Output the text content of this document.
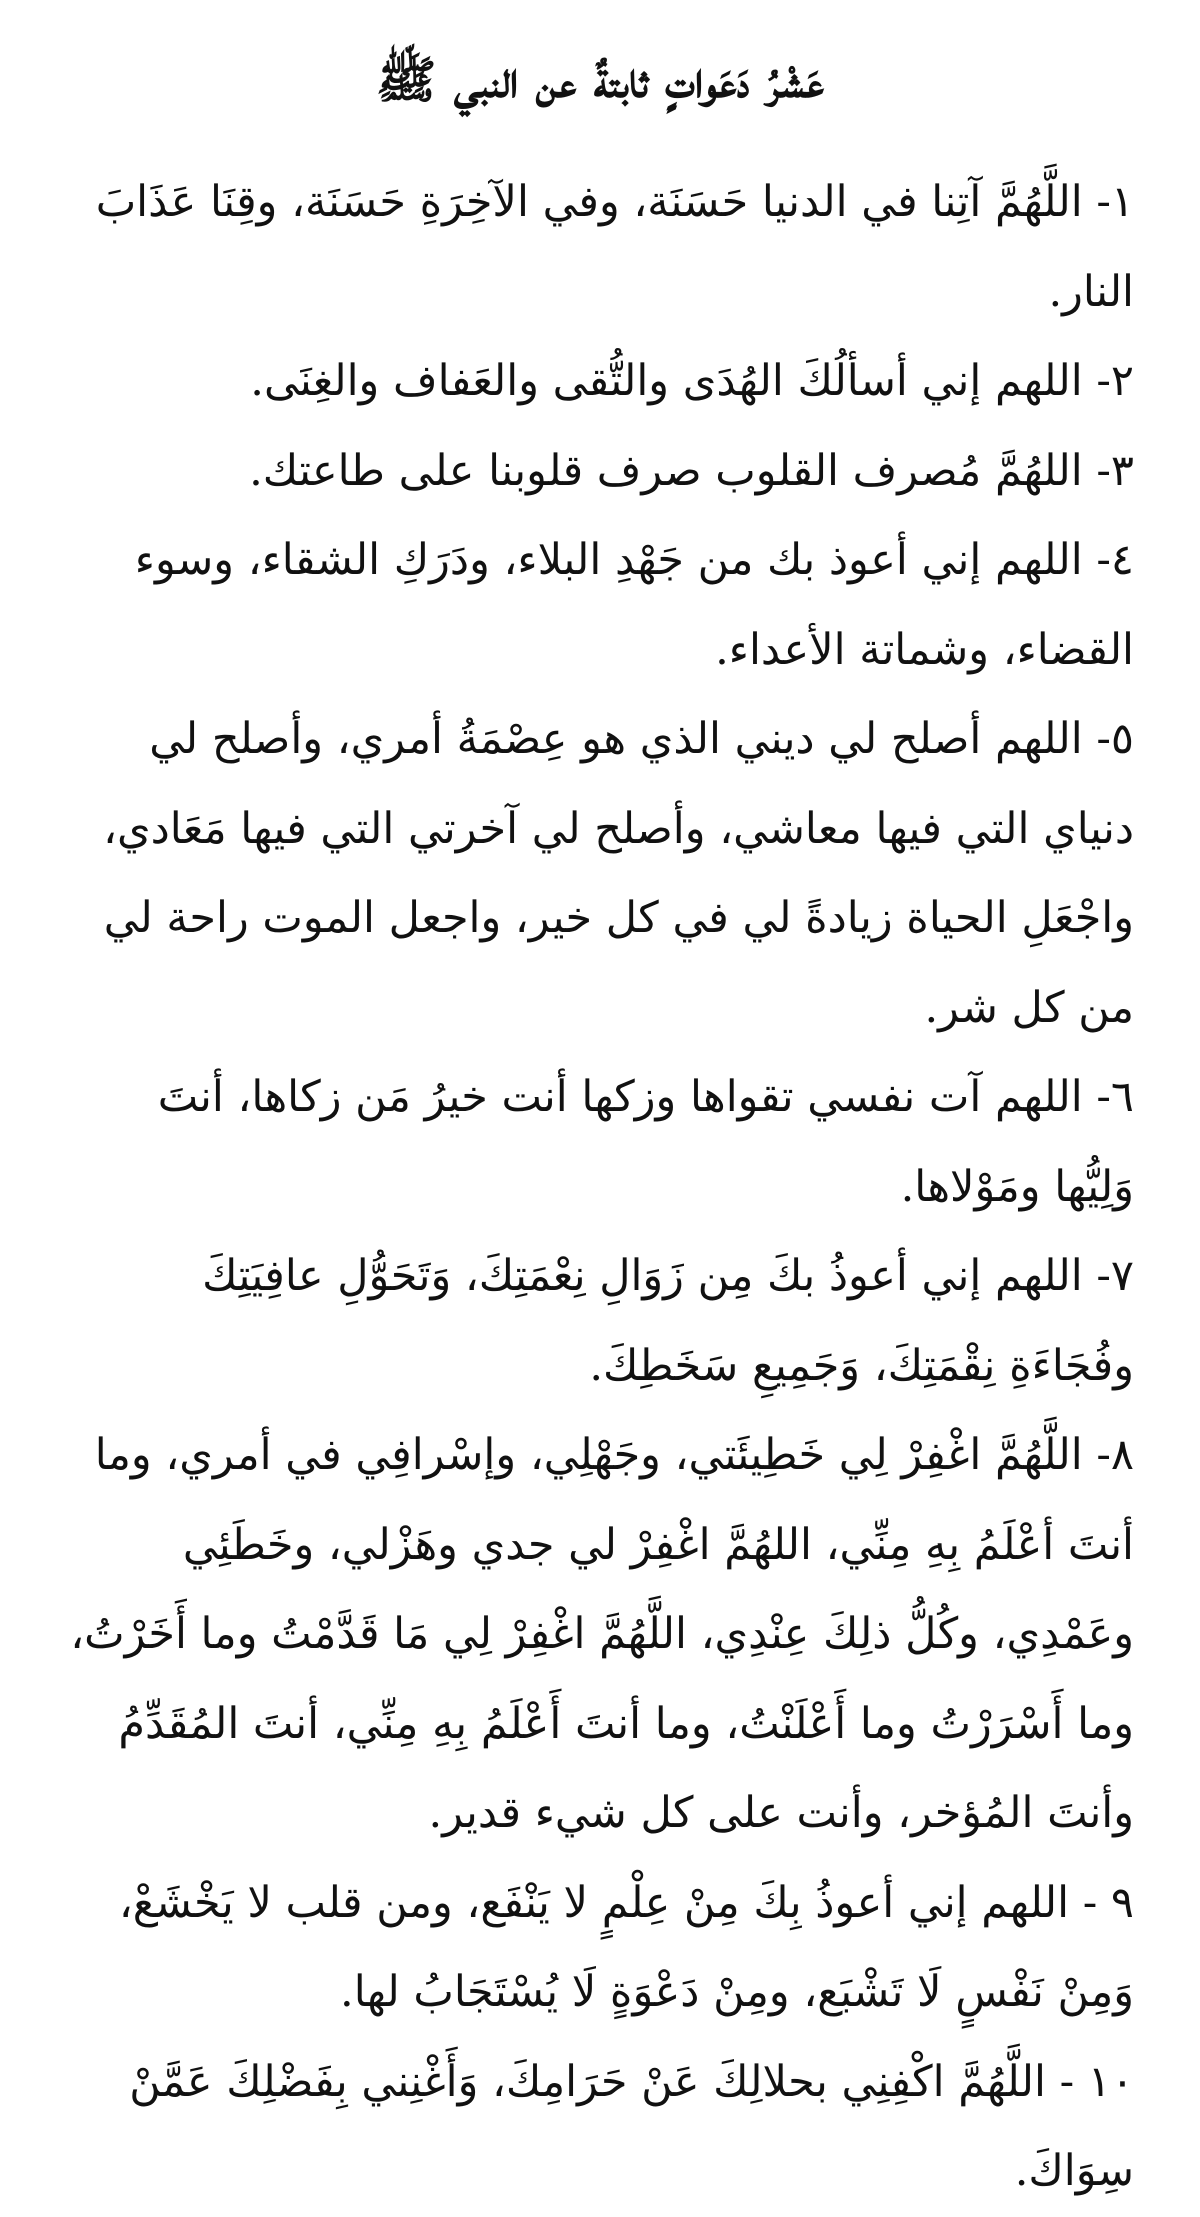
عَشْرُ دَعَواتٍ ثابتةٌ عن النبي ﷺ

١- اللَّهُمَّ آتِنا في الدنيا حَسَنَة، وفي الآخِرَةِ حَسَنَة، وقِنَا عَذَابَ النار.

٢- اللهم إني أسألُكَ الهُدَى والتُّقى والعَفاف والغِنَى.

٣- اللهُمَّ مُصرف القلوب صرف قلوبنا على طاعتك.

٤- اللهم إني أعوذ بك من جَهْدِ البلاء، ودَرَكِ الشقاء، وسوء القضاء، وشماتة الأعداء.

٥- اللهم أصلح لي ديني الذي هو عِصْمَةُ أمري، وأصلح لي دنياي التي فيها معاشي، وأصلح لي آخرتي التي فيها مَعَادي، واجْعَلِ الحياة زيادةً لي في كل خير، واجعل الموت راحة لي من كل شر.

٦- اللهم آت نفسي تقواها وزكها أنت خيرُ مَن زكاها، أنتَ وَلِيُّها ومَوْلاها.

٧- اللهم إني أعوذُ بكَ مِن زَوَالِ نِعْمَتِكَ، وَتَحَوُّلِ عافِيَتِكَ وفُجَاءَةِ نِقْمَتِكَ، وَجَمِيعِ سَخَطِكَ.

٨- اللَّهُمَّ اغْفِرْ لِي خَطِيئَتي، وجَهْلِي، وإسْرافِي في أمري، وما أنتَ أعْلَمُ بِهِ مِنِّي، اللهُمَّ اغْفِرْ لي جدي وهَزْلي، وخَطَئِي وعَمْدِي، وكُلُّ ذلِكَ عِنْدِي، اللَّهُمَّ اغْفِرْ لِي مَا قَدَّمْتُ وما أَخَرْتُ، وما أَسْرَرْتُ وما أَعْلَنْتُ، وما أنتَ أَعْلَمُ بِهِ مِنِّي، أنتَ المُقَدِّمُ وأنتَ المُؤخر، وأنت على كل شيء قدير.

٩ - اللهم إني أعوذُ بِكَ مِنْ عِلْمٍ لا يَنْفَع، ومن قلب لا يَخْشَعْ، وَمِنْ نَفْسٍ لَا تَشْبَع، ومِنْ دَعْوَةٍ لَا يُسْتَجَابُ لها.

١٠ - اللَّهُمَّ اكْفِنِي بحلالِكَ عَنْ حَرَامِكَ، وَأَغْنِني بِفَضْلِكَ عَمَّنْ سِوَاكَ.
